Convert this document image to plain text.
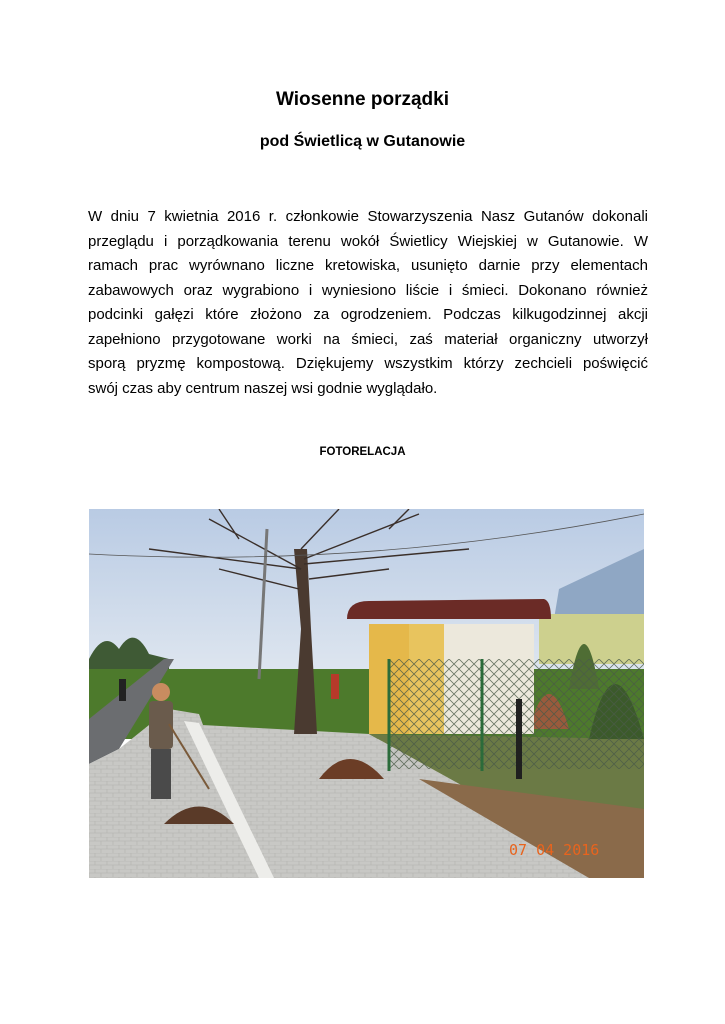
Wiosenne porządki
pod Świetlicą w Gutanowie
W dniu 7 kwietnia 2016 r. członkowie Stowarzyszenia Nasz Gutanów dokonali
przeglądu i porządkowania terenu wokół Świetlicy Wiejskiej w Gutanowie. W
ramach prac wyrównano liczne kretowiska, usunięto darnie przy elementach
zabawowych oraz wygrabiono i wyniesiono liście i śmieci. Dokonano również
podcinki gałęzi które złożono za ogrodzeniem. Podczas kilkugodzinnej akcji
zapełniono przygotowane worki na śmieci, zaś materiał organiczny utworzył
sporą pryzmę kompostową. Dziękujemy wszystkim którzy zechcieli poświęcić
swój czas aby centrum naszej wsi godnie wyglądało.
FOTORELACJA
07 04 2016
